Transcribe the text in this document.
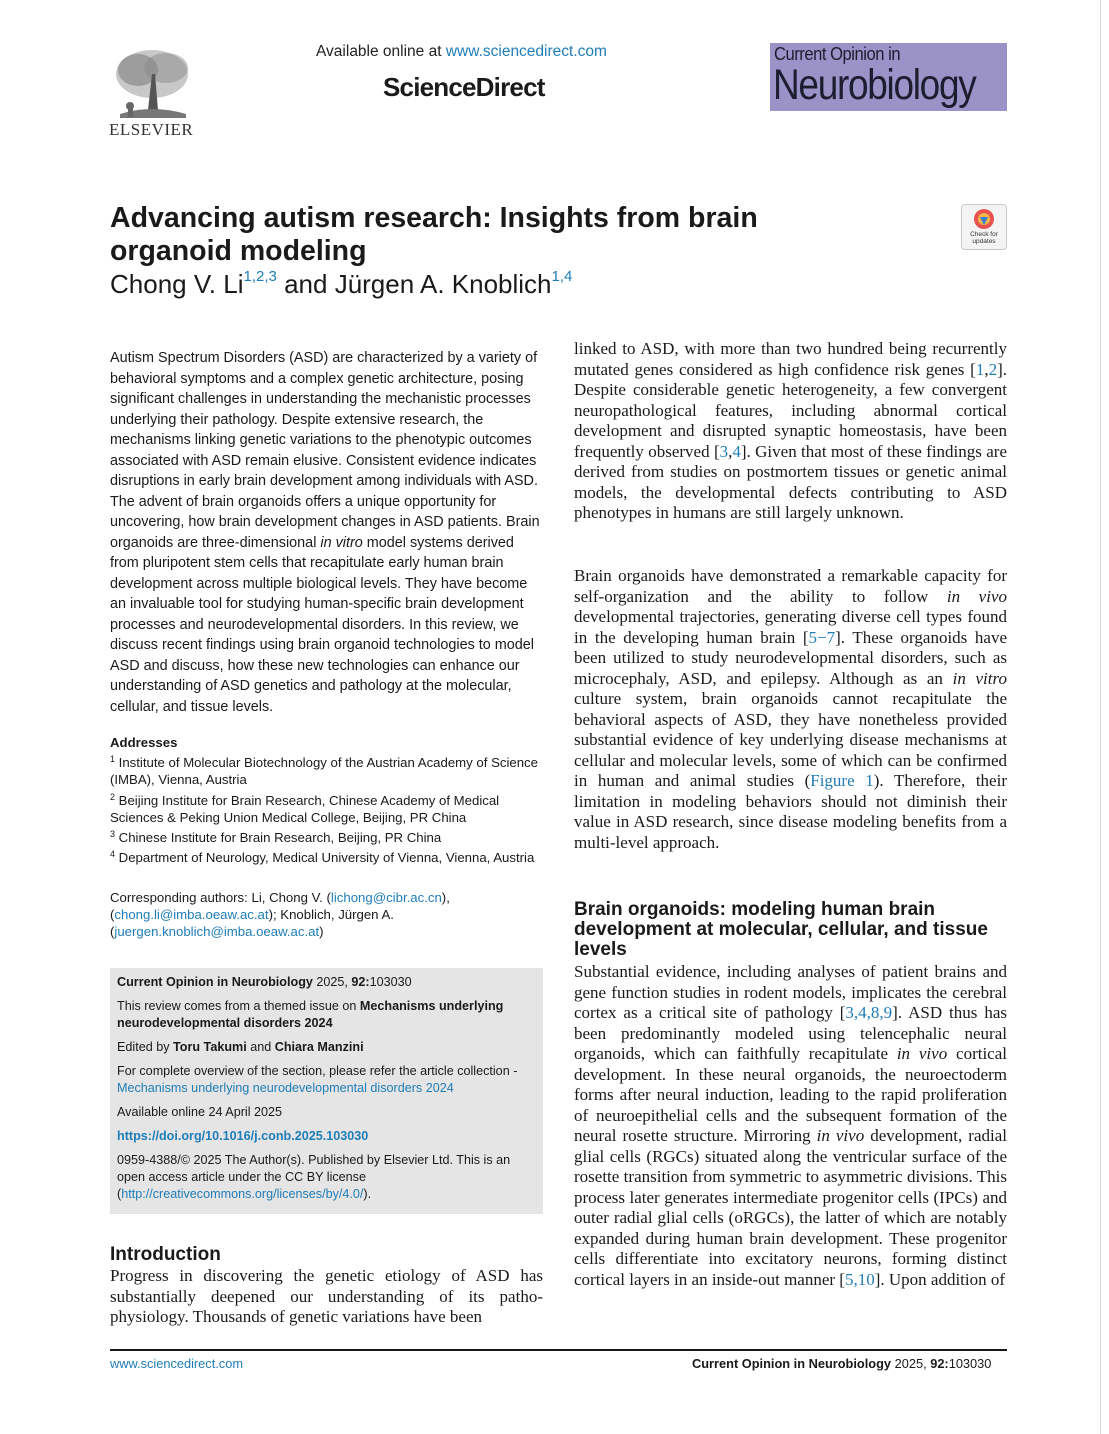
ELSEVIER
Available online at www.sciencedirect.com
ScienceDirect
Current Opinion in
Neurobiology
Advancing autism research: Insights from brain organoid modeling
Chong V. Li$^{1,2,3}$ and Jürgen A. Knoblich$^{1,4}$
Check for updates

Autism Spectrum Disorders (ASD) are characterized by a variety of behavioral symptoms and a complex genetic architecture, posing significant challenges in understanding the mechanistic processes underlying their pathology. Despite extensive research, the mechanisms linking genetic variations to the phenotypic outcomes associated with ASD remain elusive. Consistent evidence indicates disruptions in early brain development among individuals with ASD. The advent of brain organoids offers a unique opportunity for uncovering, how brain development changes in ASD patients. Brain organoids are three-dimensional in vitro model systems derived from pluripotent stem cells that recapitulate early human brain development across multiple biological levels. They have become an invaluable tool for studying human-specific brain development processes and neurodevelopmental disorders. In this review, we discuss recent findings using brain organoid technologies to model ASD and discuss, how these new technologies can enhance our understanding of ASD genetics and pathology at the molecular, cellular, and tissue levels.

Addresses
$^1$ Institute of Molecular Biotechnology of the Austrian Academy of Science (IMBA), Vienna, Austria
$^2$ Beijing Institute for Brain Research, Chinese Academy of Medical Sciences & Peking Union Medical College, Beijing, PR China
$^3$ Chinese Institute for Brain Research, Beijing, PR China
$^4$ Department of Neurology, Medical University of Vienna, Vienna, Austria
Corresponding authors: Li, Chong V. (lichong@cibr.ac.cn), (chong.li@imba.oeaw.ac.at); Knoblich, Jürgen A. (juergen.knoblich@imba.oeaw.ac.at)

Current Opinion in Neurobiology 2025, 92:103030

This review comes from a themed issue on Mechanisms underlying neurodevelopmental disorders 2024

Edited by Toru Takumi and Chiara Manzini

For complete overview of the section, please refer the article collection - Mechanisms underlying neurodevelopmental disorders 2024

Available online 24 April 2025

https://doi.org/10.1016/j.conb.2025.103030

0959-4388/© 2025 The Author(s). Published by Elsevier Ltd. This is an open access article under the CC BY license (http://creativecommons.org/licenses/by/4.0/).

Introduction

Progress in discovering the genetic etiology of ASD has substantially deepened our understanding of its pathophysiology. Thousands of genetic variations have been

linked to ASD, with more than two hundred being recurrently mutated genes considered as high confidence risk genes [1,2]. Despite considerable genetic heterogeneity, a few convergent neuropathological features, including abnormal cortical development and disrupted synaptic homeostasis, have been frequently observed [3,4]. Given that most of these findings are derived from studies on postmortem tissues or genetic animal models, the developmental defects contributing to ASD phenotypes in humans are still largely unknown.

Brain organoids have demonstrated a remarkable capacity for self-organization and the ability to follow in vivo developmental trajectories, generating diverse cell types found in the developing human brain [5−7]. These organoids have been utilized to study neurodevelopmental disorders, such as microcephaly, ASD, and epilepsy. Although as an in vitro culture system, brain organoids cannot recapitulate the behavioral aspects of ASD, they have nonetheless provided substantial evidence of key underlying disease mechanisms at cellular and molecular levels, some of which can be confirmed in human and animal studies (Figure 1). Therefore, their limitation in modeling behaviors should not diminish their value in ASD research, since disease modeling benefits from a multi-level approach.

Brain organoids: modeling human brain development at molecular, cellular, and tissue levels

Substantial evidence, including analyses of patient brains and gene function studies in rodent models, implicates the cerebral cortex as a critical site of pathology [3,4,8,9]. ASD thus has been predominantly modeled using telencephalic neural organoids, which can faithfully recapitulate in vivo cortical development. In these neural organoids, the neuroectoderm forms after neural induction, leading to the rapid proliferation of neuroepithelial cells and the subsequent formation of the neural rosette structure. Mirroring in vivo development, radial glial cells (RGCs) situated along the ventricular surface of the rosette transition from symmetric to asymmetric divisions. This process later generates intermediate progenitor cells (IPCs) and outer radial glial cells (oRGCs), the latter of which are notably expanded during human brain development. These progenitor cells differentiate into excitatory neurons, forming distinct cortical layers in an inside-out manner [5,10]. Upon addition of

www.sciencedirect.com	Current Opinion in Neurobiology 2025, 92:103030
